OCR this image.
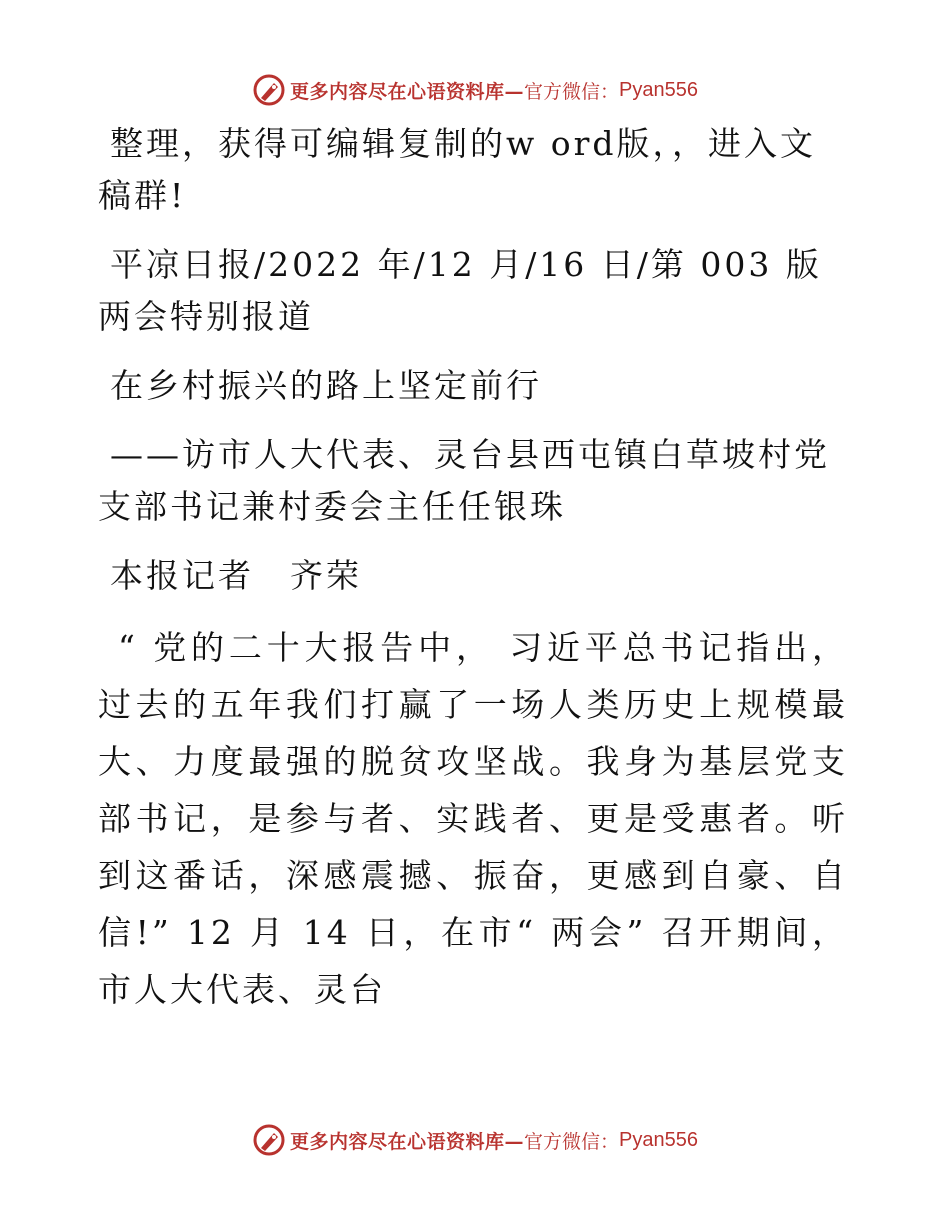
更多内容尽在心语资料库— 官方微信： Pyan556

整理，获得可编辑复制的w ord版，，进入文稿群!

平凉日报/2022 年/12 月/16 日/第 003 版两会特别报道

在乡村振兴的路上坚定前行

——访市人大代表、灵台县西屯镇白草坡村党支部书记兼村委会主任任银珠

本报记者　齐荣

“ 党的二十大报告中， 习近平总书记指出， 过去的五年我们打赢了一场人类历史上规模最大、力度最强的脱贫攻坚战。我身为基层党支部书记，是参与者、实践者、更是受惠者。听到这番话，深感震撼、振奋，更感到自豪、自信!” 12 月 14 日，在市“ 两会” 召开期间，市人大代表、灵台

更多内容尽在心语资料库— 官方微信： Pyan556
